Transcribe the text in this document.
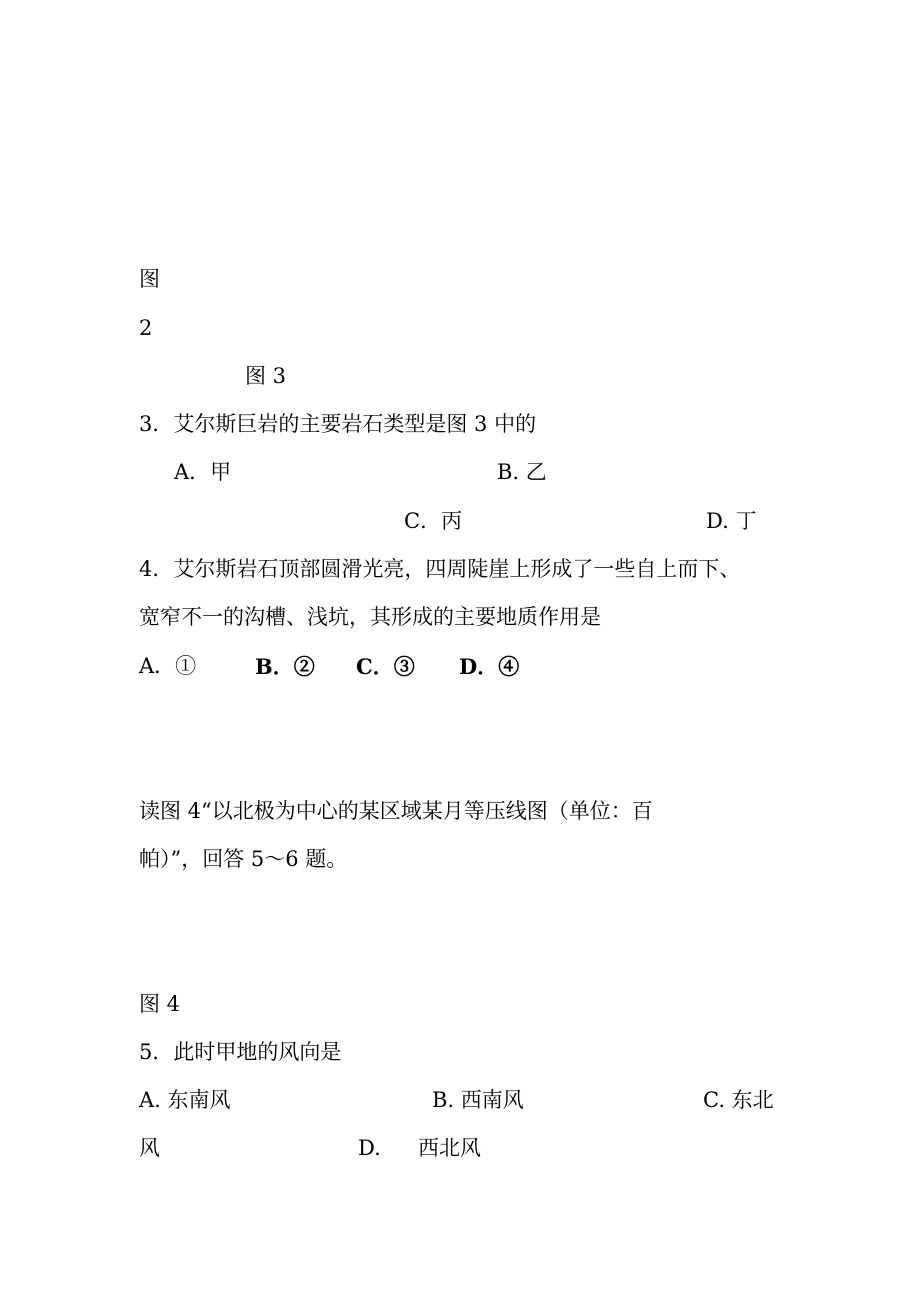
图
2
图 3
3．艾尔斯巨岩的主要岩石类型是图 3 中的
A．甲	B. 乙
C．丙	D. 丁
4．艾尔斯岩石顶部圆滑光亮，四周陡崖上形成了一些自上而下、
宽窄不一的沟槽、浅坑，其形成的主要地质作用是
A．①	B．② C．③ D．④
读图 4“以北极为中心的某区域某月等压线图（单位：百
帕）”，回答 5～6 题。
图 4
5．此时甲地的风向是
A. 东南风	B. 西南风	C. 东北
风	D. 西北风
